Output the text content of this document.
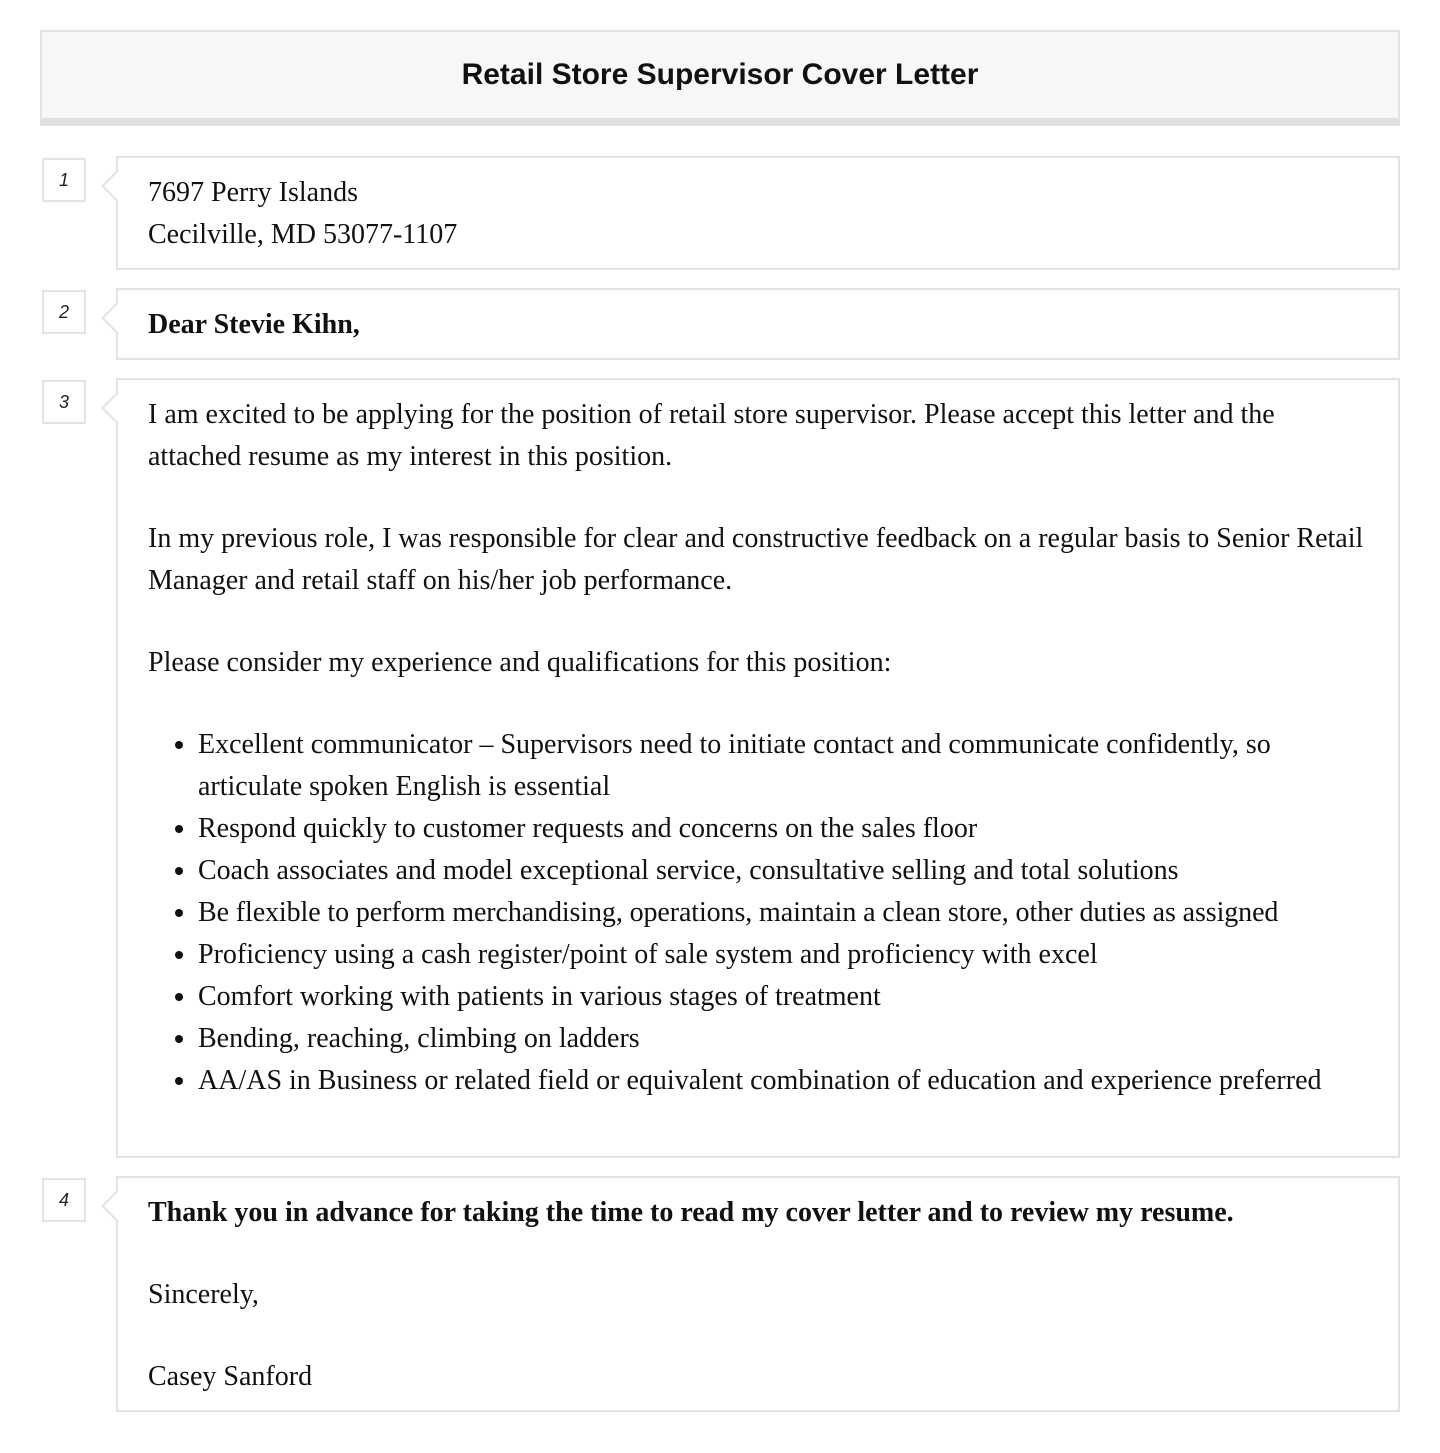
Retail Store Supervisor Cover Letter
1	7697 Perry Islands
Cecilville, MD 53077-1107
2	Dear Stevie Kihn,
3	I am excited to be applying for the position of retail store supervisor. Please accept this letter and the attached resume as my interest in this position.

In my previous role, I was responsible for clear and constructive feedback on a regular basis to Senior Retail Manager and retail staff on his/her job performance.

Please consider my experience and qualifications for this position:

• Excellent communicator – Supervisors need to initiate contact and communicate confidently, so articulate spoken English is essential
• Respond quickly to customer requests and concerns on the sales floor
• Coach associates and model exceptional service, consultative selling and total solutions
• Be flexible to perform merchandising, operations, maintain a clean store, other duties as assigned
• Proficiency using a cash register/point of sale system and proficiency with excel
• Comfort working with patients in various stages of treatment
• Bending, reaching, climbing on ladders
• AA/AS in Business or related field or equivalent combination of education and experience preferred
4	Thank you in advance for taking the time to read my cover letter and to review my resume.

Sincerely,

Casey Sanford
